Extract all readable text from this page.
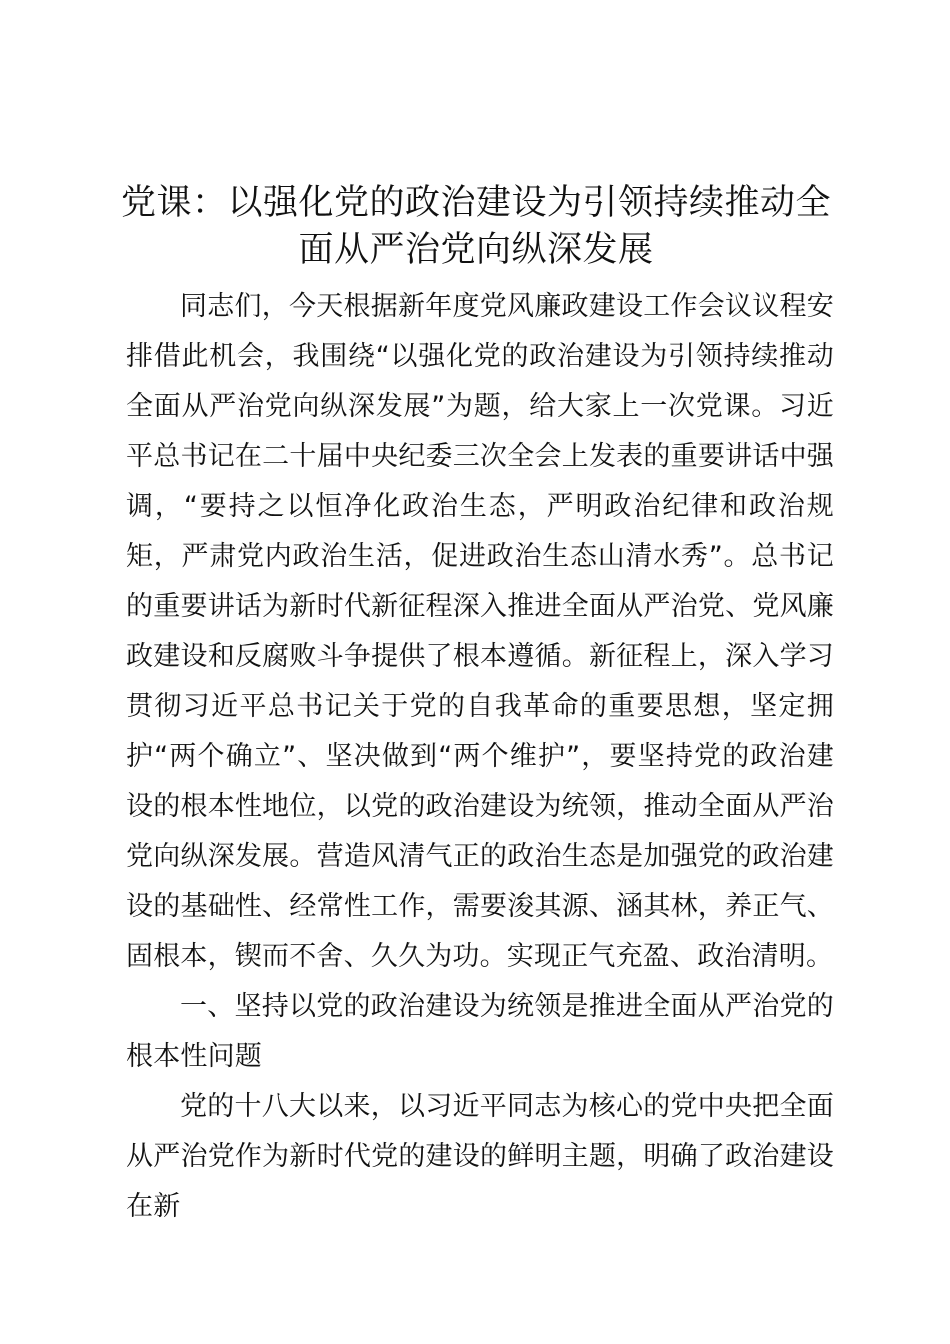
党课：以强化党的政治建设为引领持续推动全面从严治党向纵深发展

同志们，今天根据新年度党风廉政建设工作会议议程安排借此机会，我围绕“以强化党的政治建设为引领持续推动全面从严治党向纵深发展”为题，给大家上一次党课。习近平总书记在二十届中央纪委三次全会上发表的重要讲话中强调，“要持之以恒净化政治生态，严明政治纪律和政治规矩，严肃党内政治生活，促进政治生态山清水秀”。总书记的重要讲话为新时代新征程深入推进全面从严治党、党风廉政建设和反腐败斗争提供了根本遵循。新征程上，深入学习贯彻习近平总书记关于党的自我革命的重要思想，坚定拥护“两个确立”、坚决做到“两个维护”，要坚持党的政治建设的根本性地位，以党的政治建设为统领，推动全面从严治党向纵深发展。营造风清气正的政治生态是加强党的政治建设的基础性、经常性工作，需要浚其源、涵其林，养正气、固根本，锲而不舍、久久为功。实现正气充盈、政治清明。

一、坚持以党的政治建设为统领是推进全面从严治党的根本性问题

党的十八大以来，以习近平同志为核心的党中央把全面从严治党作为新时代党的建设的鲜明主题，明确了政治建设在新
